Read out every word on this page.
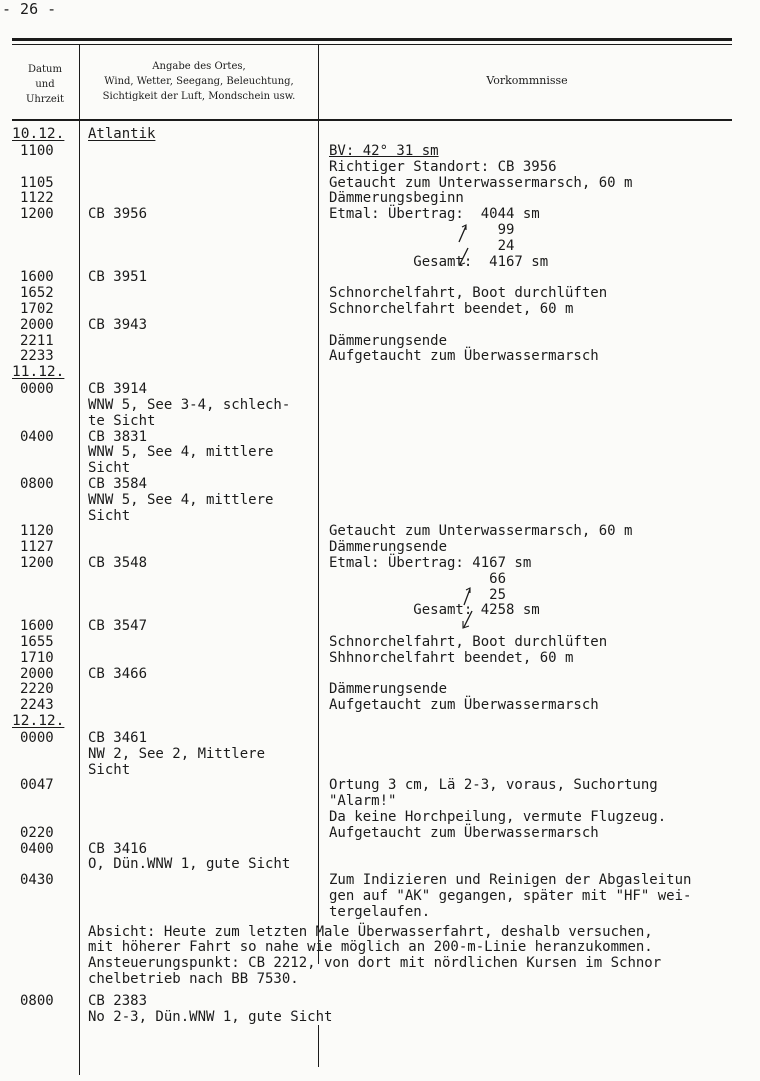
- 26 -
Datum
und
Uhrzeit
Angabe des Ortes,
Wind, Wetter, Seegang, Beleuchtung,
Sichtigkeit der Luft, Mondschein usw.
Vorkommnisse
10.12. Atlantik
1100	BV: 42° 31 sm
Richtiger Standort: CB 3956
1105	Getaucht zum Unterwassermarsch, 60 m
1122	Dämmerungsbeginn
1200 CB 3956	Etmal: Übertrag:  4044 sm
99
24
Gesamt:  4167 sm
1600 CB 3951
1652	Schnorchelfahrt, Boot durchlüften
1702	Schnorchelfahrt beendet, 60 m
2000 CB 3943
2211	Dämmerungsende
2233	Aufgetaucht zum Überwassermarsch
11.12.
0000 CB 3914
WNW 5, See 3-4, schlech-
te Sicht
0400 CB 3831
WNW 5, See 4, mittlere
Sicht
0800 CB 3584
WNW 5, See 4, mittlere
Sicht
1120	Getaucht zum Unterwassermarsch, 60 m
1127	Dämmerungsende
1200 CB 3548	Etmal: Übertrag: 4167 sm
66
25
Gesamt: 4258 sm
1600 CB 3547
1655	Schnorchelfahrt, Boot durchlüften
1710	Shhnorchelfahrt beendet, 60 m
2000 CB 3466
2220	Dämmerungsende
2243	Aufgetaucht zum Überwassermarsch
12.12.
0000 CB 3461
NW 2, See 2, Mittlere
Sicht
0047	Ortung 3 cm, Lä 2-3, voraus, Suchortung
"Alarm!"
Da keine Horchpeilung, vermute Flugzeug.
0220	Aufgetaucht zum Überwassermarsch
0400 CB 3416
O, Dün.WNW 1, gute Sicht
0430	Zum Indizieren und Reinigen der Abgasleitun
gen auf "AK" gegangen, später mit "HF" wei-
tergelaufen.
Absicht: Heute zum letzten Male Überwasserfahrt, deshalb versuchen,
mit höherer Fahrt so nahe wie möglich an 200-m-Linie heranzukommen.
Ansteuerungspunkt: CB 2212, von dort mit nördlichen Kursen im Schnor
chelbetrieb nach BB 7530.
0800 CB 2383
No 2-3, Dün.WNW 1, gute Sicht
